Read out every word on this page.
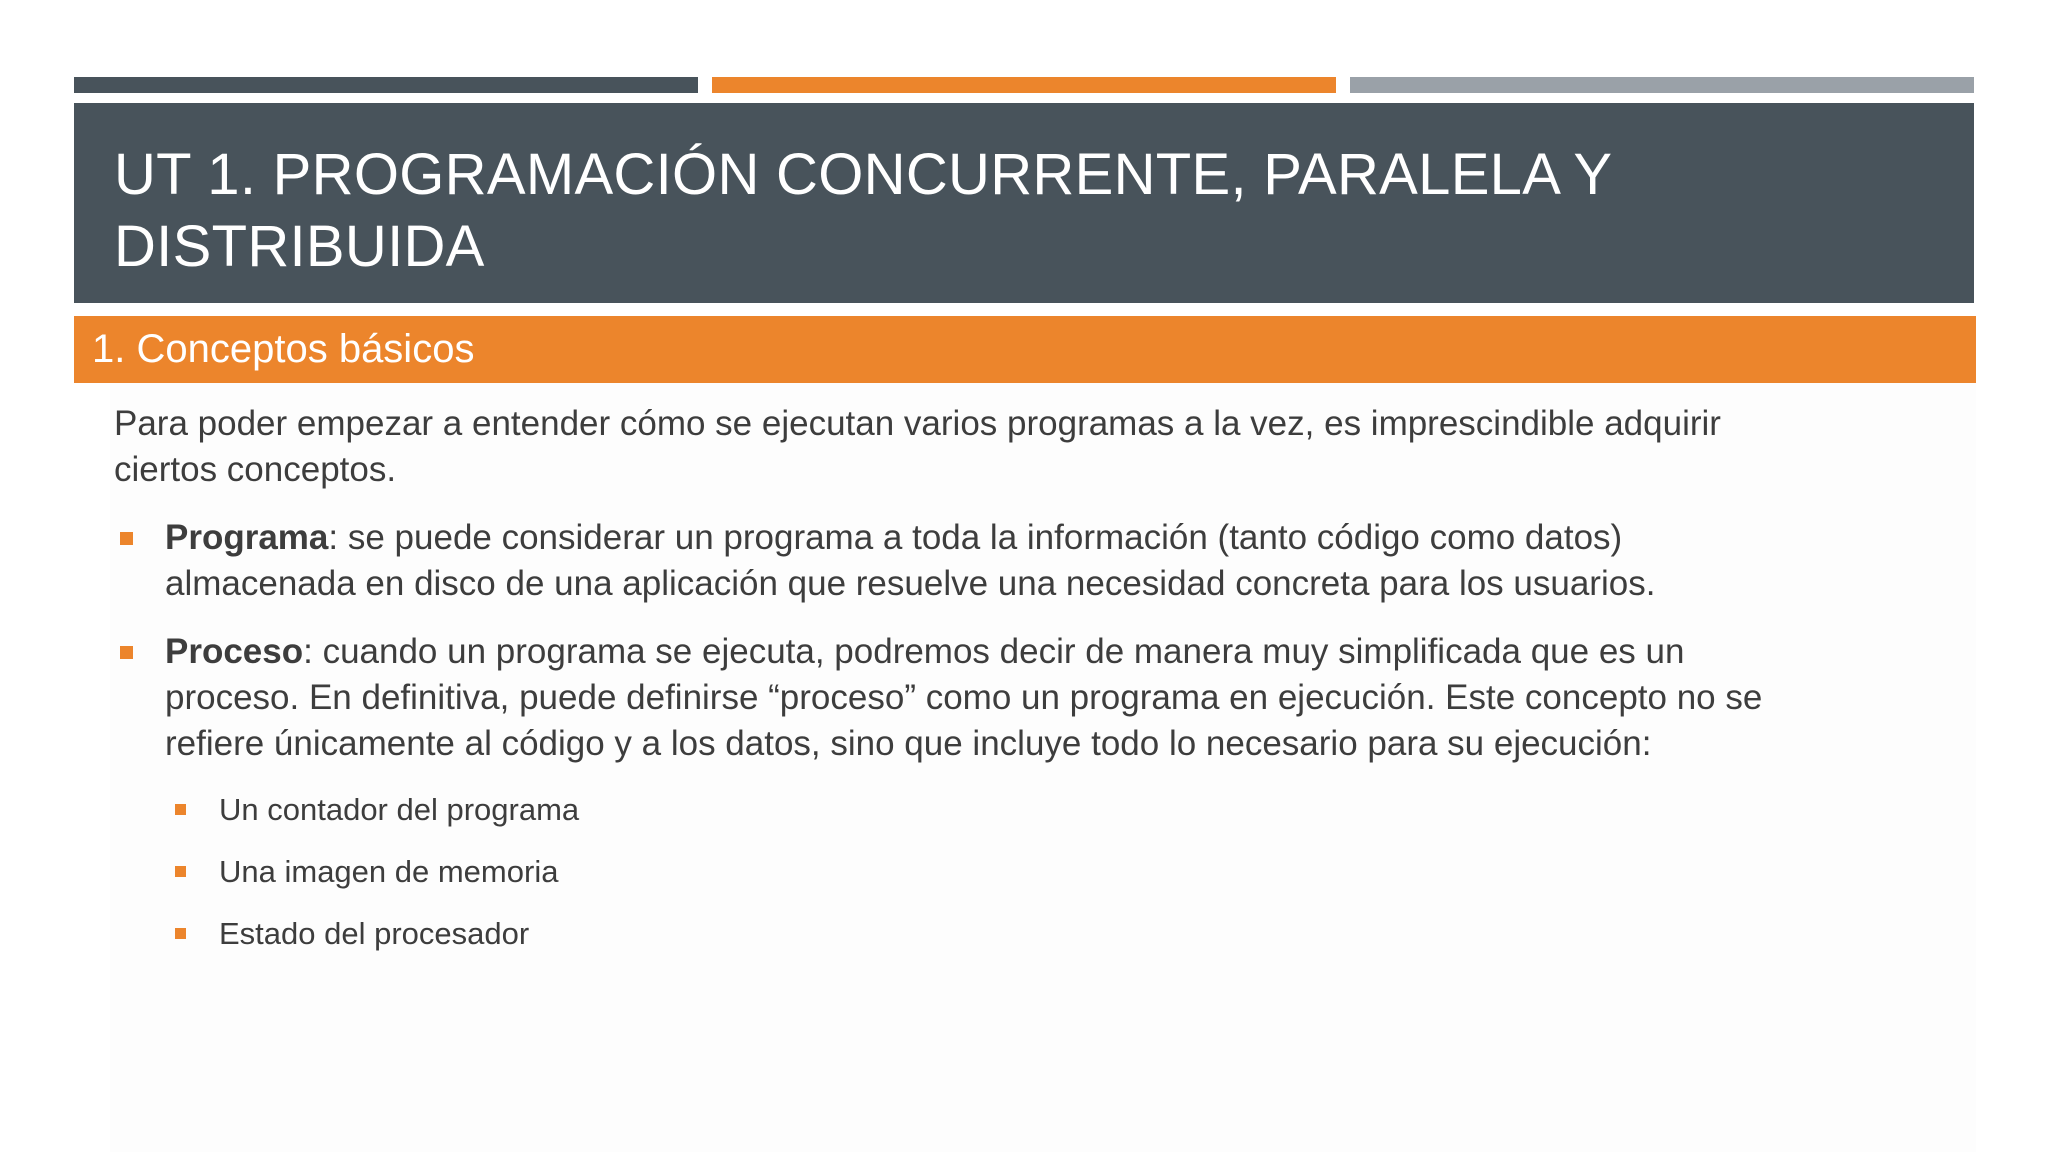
UT 1. PROGRAMACIÓN CONCURRENTE, PARALELA Y
DISTRIBUIDA
1. Conceptos básicos

Para poder empezar a entender cómo se ejecutan varios programas a la vez, es imprescindible adquirir
ciertos conceptos.

Programa: se puede considerar un programa a toda la información (tanto código como datos)
almacenada en disco de una aplicación que resuelve una necesidad concreta para los usuarios.
Proceso: cuando un programa se ejecuta, podremos decir de manera muy simplificada que es un
proceso. En definitiva, puede definirse “proceso” como un programa en ejecución. Este concepto no se
refiere únicamente al código y a los datos, sino que incluye todo lo necesario para su ejecución:
Un contador del programa
Una imagen de memoria
Estado del procesador
